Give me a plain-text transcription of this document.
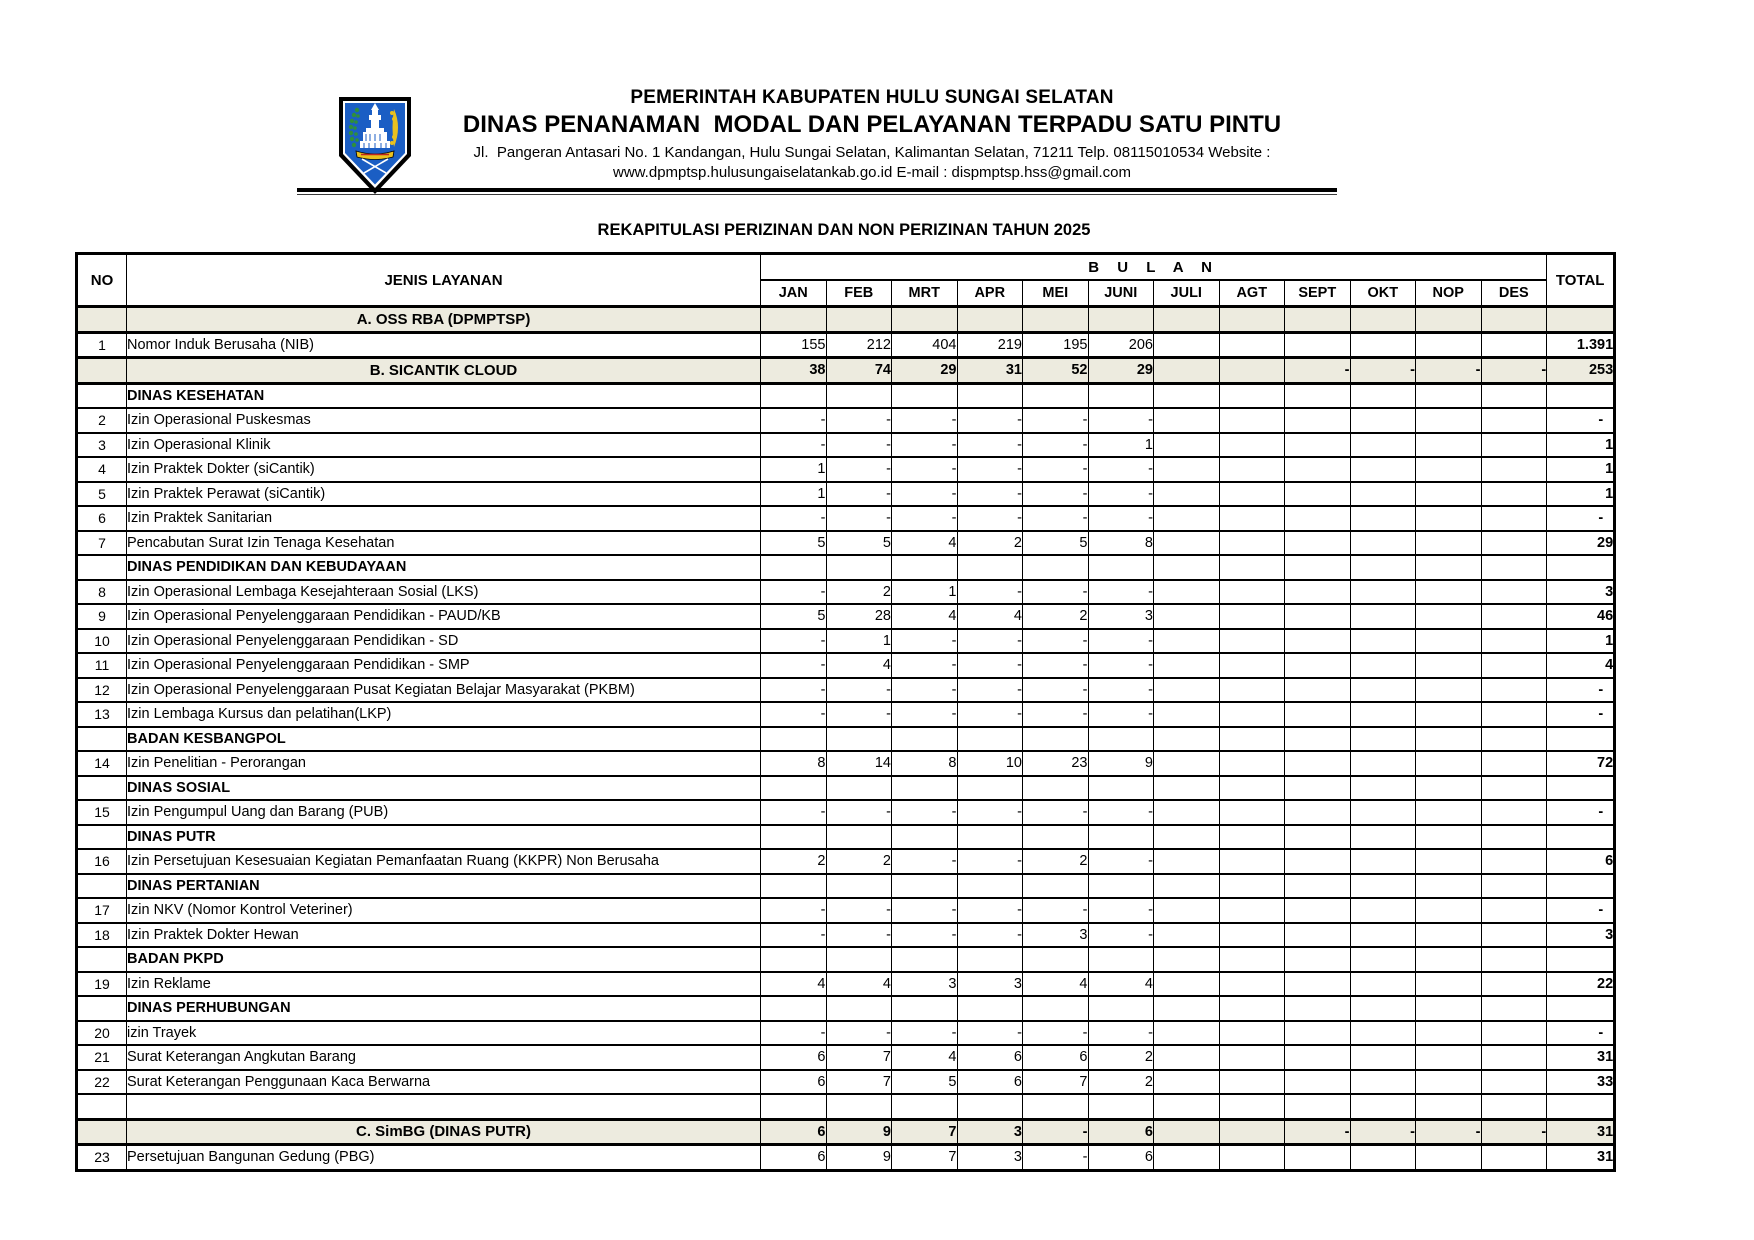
PEMERINTAH KABUPATEN HULU SUNGAI SELATAN
DINAS PENANAMAN  MODAL DAN PELAYANAN TERPADU SATU PINTU
Jl.  Pangeran Antasari No. 1 Kandangan, Hulu Sungai Selatan, Kalimantan Selatan, 71211 Telp. 08115010534 Website :
www.dpmptsp.hulusungaiselatankab.go.id E-mail : dispmptsp.hss@gmail.com
REKAPITULASI PERIZINAN DAN NON PERIZINAN TAHUN 2025
NO	JENIS LAYANAN	B U L A N												TOTAL
		JAN	FEB	MRT	APR	MEI	JUNI	JULI	AGT	SEPT	OKT	NOP	DES	
	A. OSS RBA (DPMPTSP)													
1	Nomor Induk Berusaha (NIB)	155	212	404	219	195	206							1.391
	B. SICANTIK CLOUD	38	74	29	31	52	29			-	-	-	-	253
	DINAS KESEHATAN													
2	Izin Operasional Puskesmas	-	-	-	-	-	-							-
3	Izin Operasional Klinik	-	-	-	-	-	1							1
4	Izin Praktek Dokter (siCantik)	1	-	-	-	-	-							1
5	Izin Praktek Perawat (siCantik)	1	-	-	-	-	-							1
6	Izin Praktek Sanitarian	-	-	-	-	-	-							-
7	Pencabutan Surat Izin Tenaga Kesehatan	5	5	4	2	5	8							29
	DINAS PENDIDIKAN DAN KEBUDAYAAN													
8	Izin Operasional Lembaga Kesejahteraan Sosial (LKS)	-	2	1	-	-	-							3
9	Izin Operasional Penyelenggaraan Pendidikan - PAUD/KB	5	28	4	4	2	3							46
10	Izin Operasional Penyelenggaraan Pendidikan - SD	-	1	-	-	-	-							1
11	Izin Operasional Penyelenggaraan Pendidikan - SMP	-	4	-	-	-	-							4
12	Izin Operasional Penyelenggaraan Pusat Kegiatan Belajar Masyarakat (PKBM)	-	-	-	-	-	-							-
13	Izin Lembaga Kursus dan pelatihan(LKP)	-	-	-	-	-	-							-
	BADAN KESBANGPOL													
14	Izin Penelitian - Perorangan	8	14	8	10	23	9							72
	DINAS SOSIAL													
15	Izin Pengumpul Uang dan Barang (PUB)	-	-	-	-	-	-							-
	DINAS PUTR													
16	Izin Persetujuan Kesesuaian Kegiatan Pemanfaatan Ruang (KKPR) Non Berusaha	2	2	-	-	2	-							6
	DINAS PERTANIAN													
17	Izin NKV (Nomor Kontrol Veteriner)	-	-	-	-	-	-							-
18	Izin Praktek Dokter Hewan	-	-	-	-	3	-							3
	BADAN PKPD													
19	Izin Reklame	4	4	3	3	4	4							22
	DINAS PERHUBUNGAN													
20	izin Trayek	-	-	-	-	-	-							-
21	Surat Keterangan Angkutan Barang	6	7	4	6	6	2							31
22	Surat Keterangan Penggunaan Kaca Berwarna	6	7	5	6	7	2							33

	C. SimBG (DINAS PUTR)	6	9	7	3	-	6			-	-	-	-	31
23	Persetujuan Bangunan Gedung (PBG)	6	9	7	3	-	6							31
